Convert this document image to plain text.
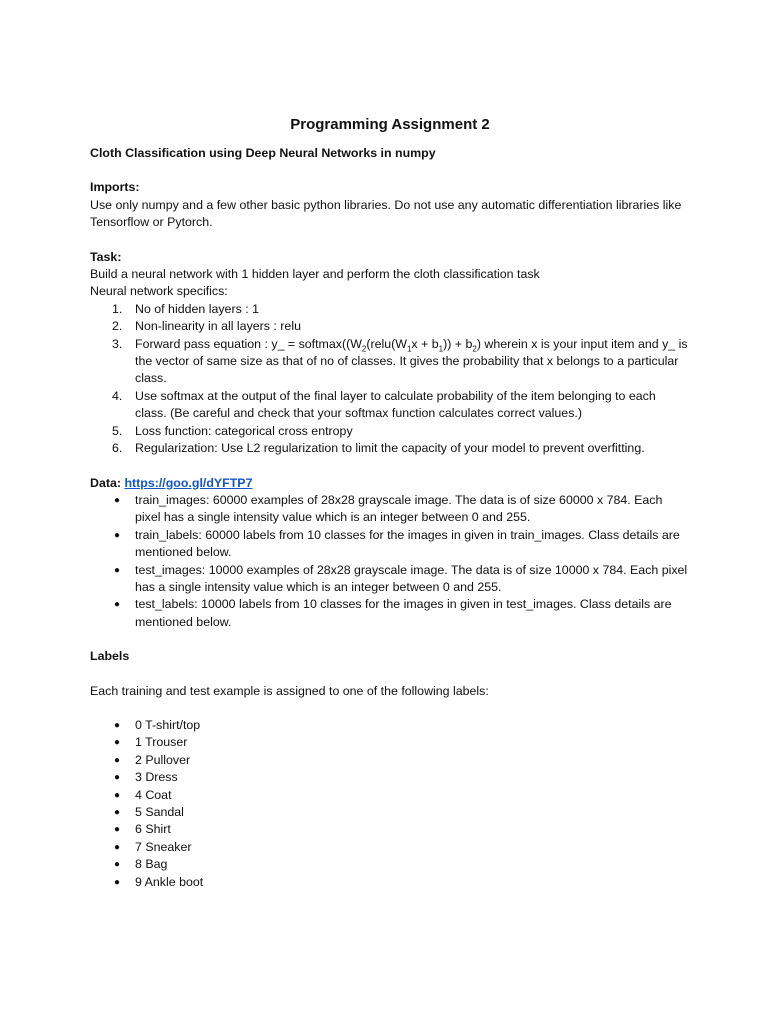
Programming Assignment 2

Cloth Classification using Deep Neural Networks in numpy

Imports:

Use only numpy and a few other basic python libraries. Do not use any automatic differentiation libraries like Tensorflow or Pytorch.

Task:

Build a neural network with 1 hidden layer and perform the cloth classification task

Neural network specifics:

1.	No of hidden layers : 1
2.	Non-linearity in all layers : relu
3.	Forward pass equation : y_ = $softmax((W_2(relu(W_1x + b_1)) + b_2)$ wherein x is your input item and y_ is the vector of same size as that of no of classes. It gives the probability that x belongs to a particular class.
4.	Use softmax at the output of the final layer to calculate probability of the item belonging to each class. (Be careful and check that your softmax function calculates correct values.)
5.	Loss function: categorical cross entropy
6.	Regularization: Use L2 regularization to limit the capacity of your model to prevent overfitting.

Data: https://goo.gl/dYFTP7

● train_images: 60000 examples of 28x28 grayscale image. The data is of size 60000 x 784. Each pixel has a single intensity value which is an integer between 0 and 255.
● train_labels: 60000 labels from 10 classes for the images in given in train_images. Class details are mentioned below.
● test_images: 10000 examples of 28x28 grayscale image. The data is of size 10000 x 784. Each pixel has a single intensity value which is an integer between 0 and 255.
● test_labels: 10000 labels from 10 classes for the images in given in test_images. Class details are mentioned below.

Labels

Each training and test example is assigned to one of the following labels:

● 0 T-shirt/top
● 1 Trouser
● 2 Pullover
● 3 Dress
● 4 Coat
● 5 Sandal
● 6 Shirt
● 7 Sneaker
● 8 Bag
● 9 Ankle boot
